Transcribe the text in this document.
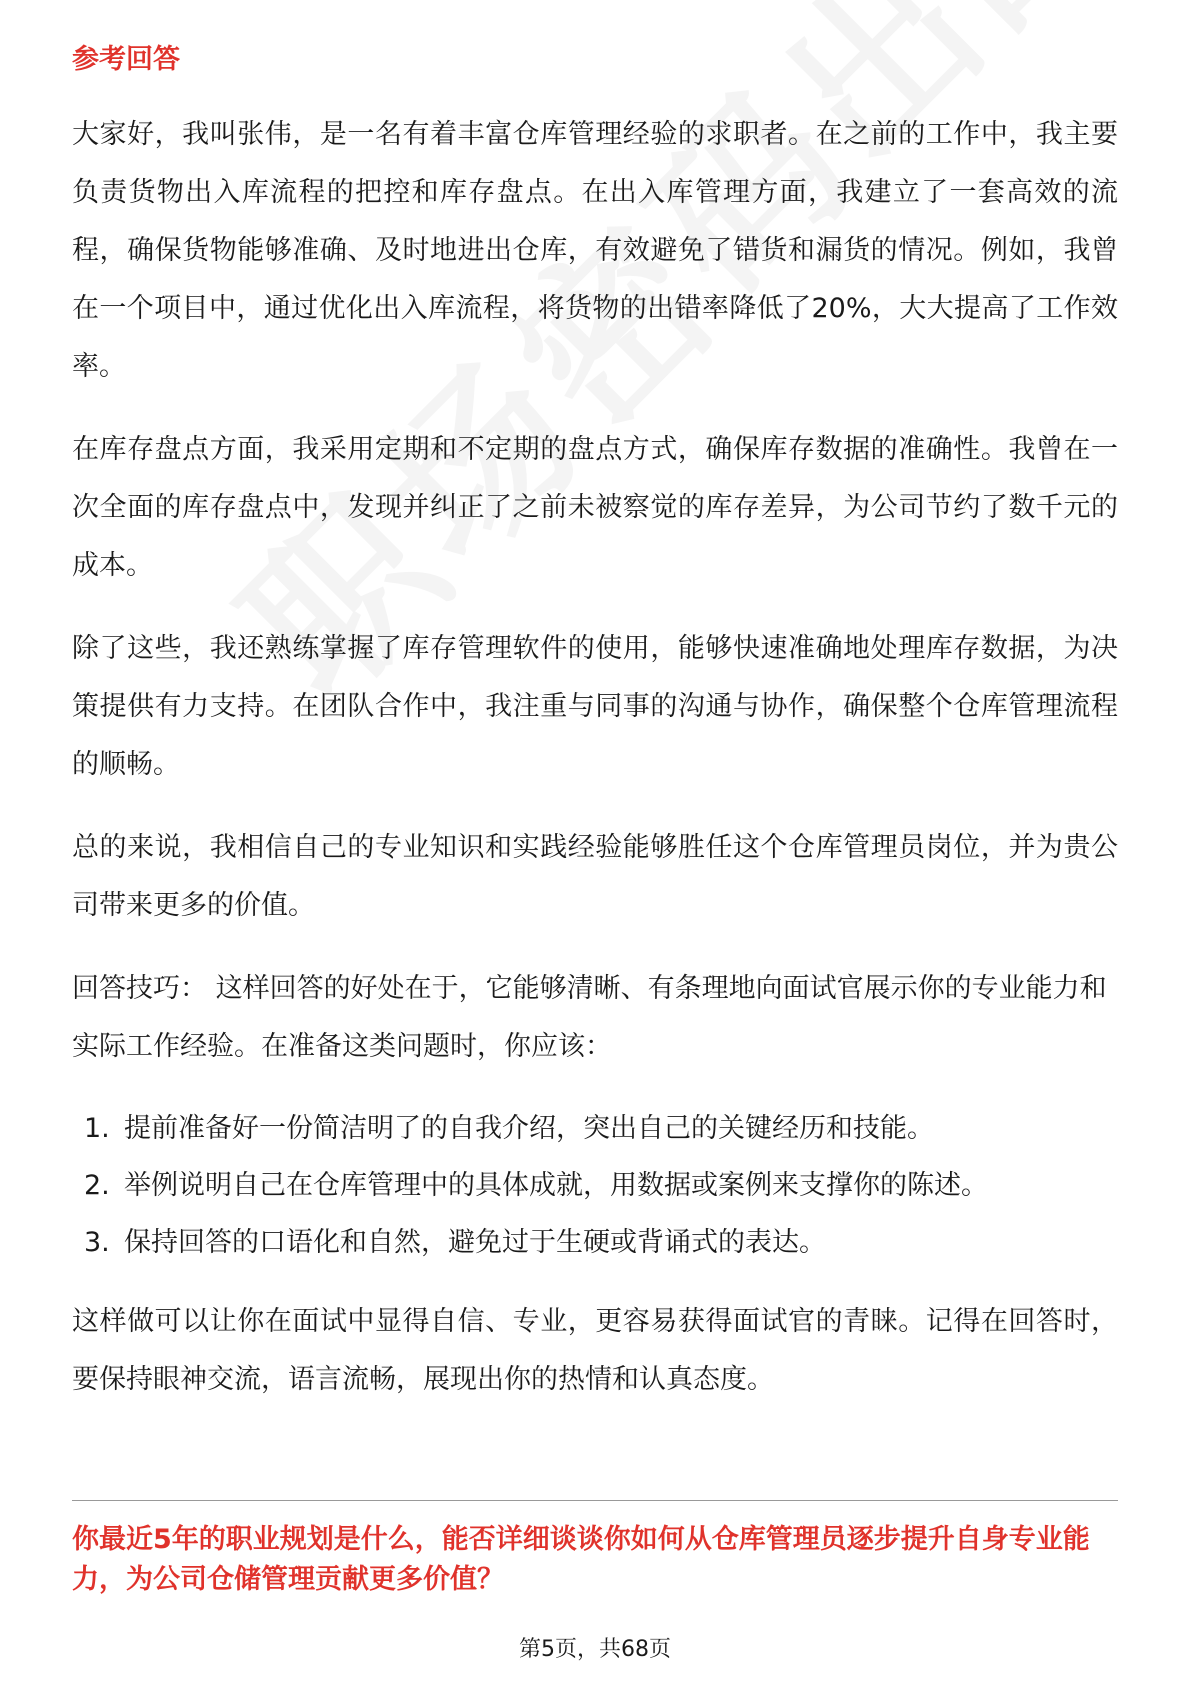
参考回答

大家好，我叫张伟，是一名有着丰富仓库管理经验的求职者。在之前的工作中，我主要负责货物出入库流程的把控和库存盘点。在出入库管理方面，我建立了一套高效的流程，确保货物能够准确、及时地进出仓库，有效避免了错货和漏货的情况。例如，我曾在一个项目中，通过优化出入库流程，将货物的出错率降低了20%，大大提高了工作效率。

在库存盘点方面，我采用定期和不定期的盘点方式，确保库存数据的准确性。我曾在一次全面的库存盘点中，发现并纠正了之前未被察觉的库存差异，为公司节约了数千元的成本。

除了这些，我还熟练掌握了库存管理软件的使用，能够快速准确地处理库存数据，为决策提供有力支持。在团队合作中，我注重与同事的沟通与协作，确保整个仓库管理流程的顺畅。

总的来说，我相信自己的专业知识和实践经验能够胜任这个仓库管理员岗位，并为贵公司带来更多的价值。

回答技巧： 这样回答的好处在于，它能够清晰、有条理地向面试官展示你的专业能力和实际工作经验。在准备这类问题时，你应该：

1. 提前准备好一份简洁明了的自我介绍，突出自己的关键经历和技能。
2. 举例说明自己在仓库管理中的具体成就，用数据或案例来支撑你的陈述。
3. 保持回答的口语化和自然，避免过于生硬或背诵式的表达。

这样做可以让你在面试中显得自信、专业，更容易获得面试官的青睐。记得在回答时，要保持眼神交流，语言流畅，展现出你的热情和认真态度。

你最近5年的职业规划是什么，能否详细谈谈你如何从仓库管理员逐步提升自身专业能力，为公司仓储管理贡献更多价值？
第5页，共68页
